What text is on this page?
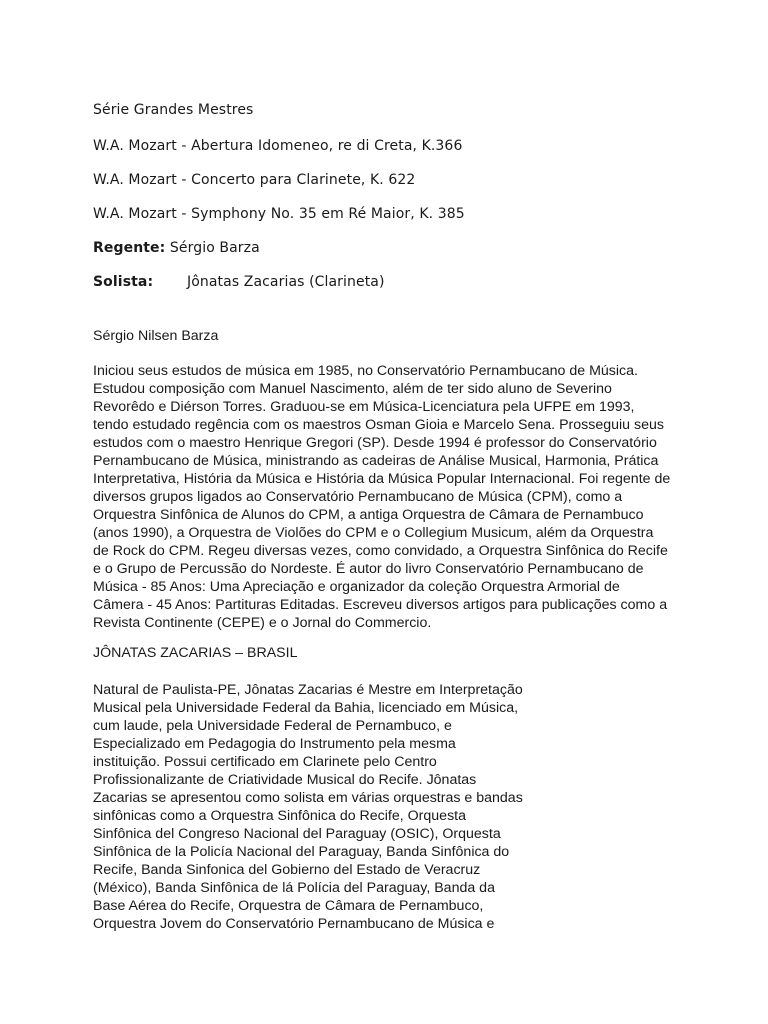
Série Grandes Mestres
W.A. Mozart - Abertura Idomeneo, re di Creta, K.366
W.A. Mozart - Concerto para Clarinete, K. 622
W.A. Mozart - Symphony No. 35 em Ré Maior, K. 385
Regente: Sérgio Barza
Solista: Jônatas Zacarias (Clarineta)
Sérgio Nilsen Barza

Iniciou seus estudos de música em 1985, no Conservatório Pernambucano de Música.
Estudou composição com Manuel Nascimento, além de ter sido aluno de Severino
Revorêdo e Diérson Torres. Graduou-se em Música-Licenciatura pela UFPE em 1993,
tendo estudado regência com os maestros Osman Gioia e Marcelo Sena. Prosseguiu seus
estudos com o maestro Henrique Gregori (SP). Desde 1994 é professor do Conservatório
Pernambucano de Música, ministrando as cadeiras de Análise Musical, Harmonia, Prática
Interpretativa, História da Música e História da Música Popular Internacional. Foi regente de
diversos grupos ligados ao Conservatório Pernambucano de Música (CPM), como a
Orquestra Sinfônica de Alunos do CPM, a antiga Orquestra de Câmara de Pernambuco
(anos 1990), a Orquestra de Violões do CPM e o Collegium Musicum, além da Orquestra
de Rock do CPM. Regeu diversas vezes, como convidado, a Orquestra Sinfônica do Recife
e o Grupo de Percussão do Nordeste. É autor do livro Conservatório Pernambucano de
Música - 85 Anos: Uma Apreciação e organizador da coleção Orquestra Armorial de
Câmera - 45 Anos: Partituras Editadas. Escreveu diversos artigos para publicações como a
Revista Continente (CEPE) e o Jornal do Commercio.

JÔNATAS ZACARIAS – BRASIL

Natural de Paulista-PE, Jônatas Zacarias é Mestre em Interpretação
Musical pela Universidade Federal da Bahia, licenciado em Música,
cum laude, pela Universidade Federal de Pernambuco, e
Especializado em Pedagogia do Instrumento pela mesma
instituição. Possui certificado em Clarinete pelo Centro
Profissionalizante de Criatividade Musical do Recife. Jônatas
Zacarias se apresentou como solista em várias orquestras e bandas
sinfônicas como a Orquestra Sinfônica do Recife, Orquesta
Sinfônica del Congreso Nacional del Paraguay (OSIC), Orquesta
Sinfônica de la Policía Nacional del Paraguay, Banda Sinfônica do
Recife, Banda Sinfonica del Gobierno del Estado de Veracruz
(México), Banda Sinfônica de lá Polícia del Paraguay, Banda da
Base Aérea do Recife, Orquestra de Câmara de Pernambuco,
Orquestra Jovem do Conservatório Pernambucano de Música e
